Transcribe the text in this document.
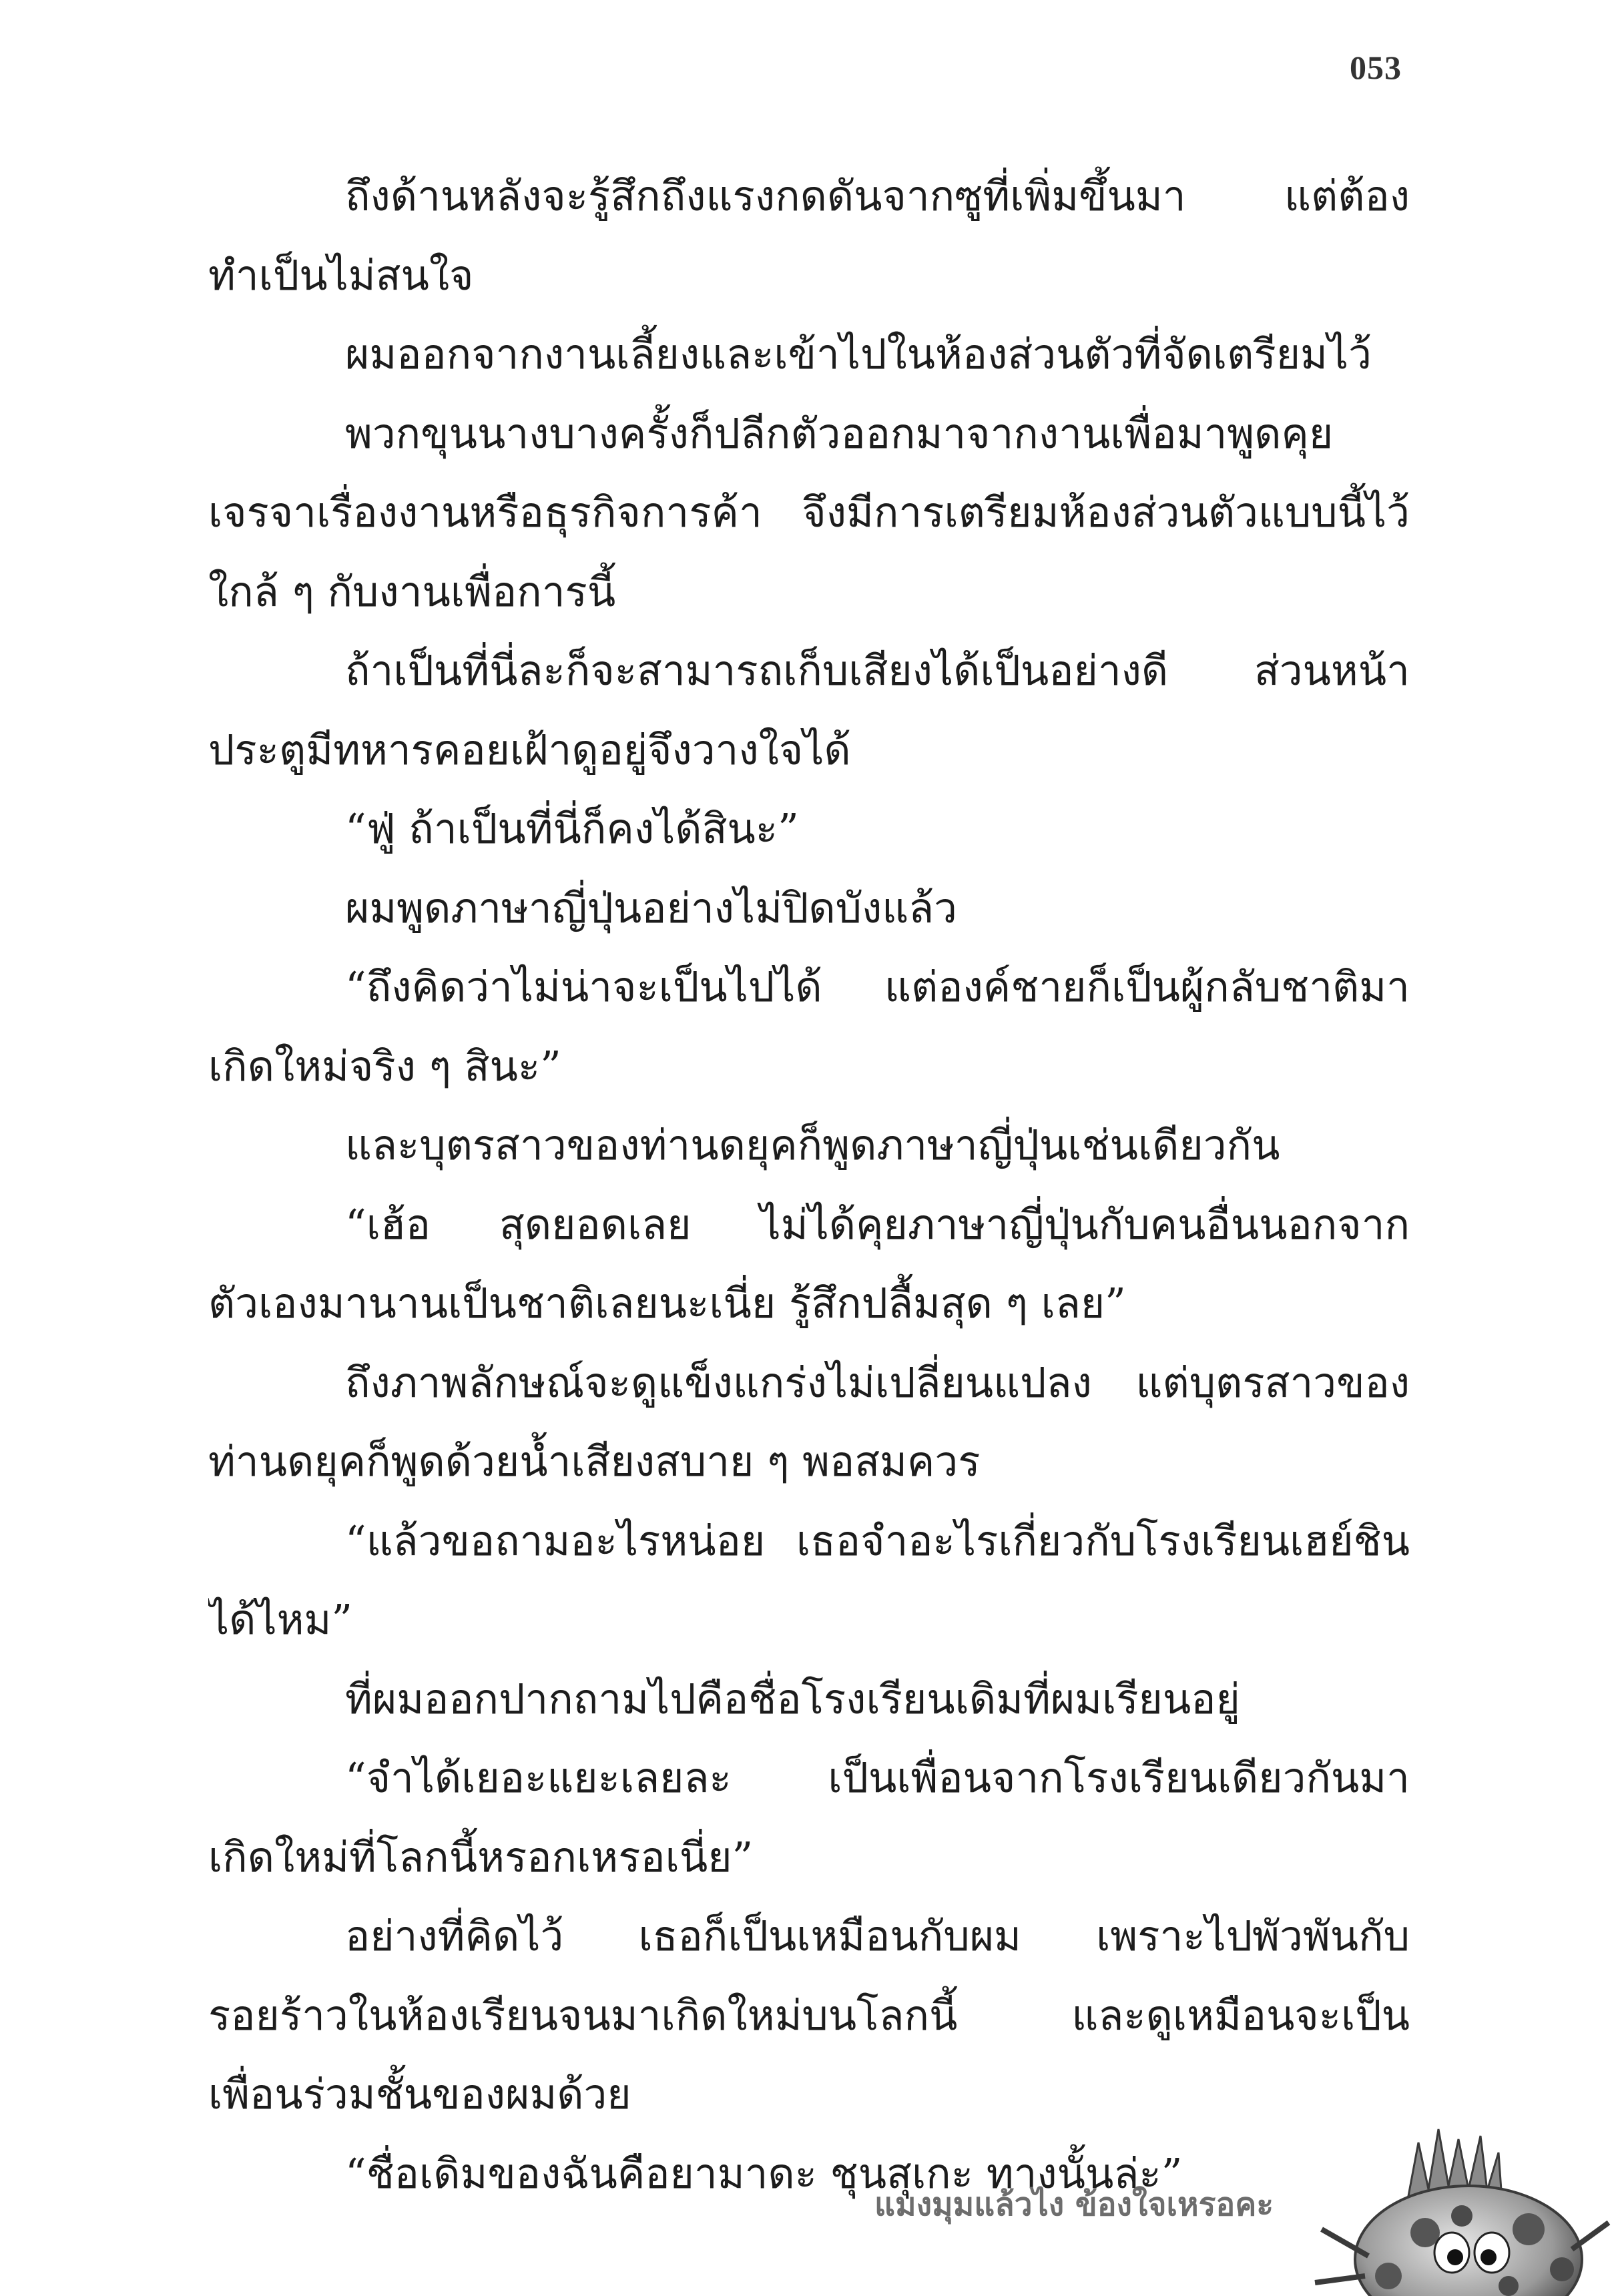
053
ถึงด้านหลังจะรู้สึกถึงแรงกดดันจากซูที่เพิ่มขึ้นมา แต่ต้อง
ทำเป็นไม่สนใจ
ผมออกจากงานเลี้ยงและเข้าไปในห้องส่วนตัวที่จัดเตรียมไว้
พวกขุนนางบางครั้งก็ปลีกตัวออกมาจากงานเพื่อมาพูดคุย
เจรจาเรื่องงานหรือธุรกิจการค้า จึงมีการเตรียมห้องส่วนตัวแบบนี้ไว้
ใกล้ ๆ กับงานเพื่อการนี้
ถ้าเป็นที่นี่ละก็จะสามารถเก็บเสียงได้เป็นอย่างดี ส่วนหน้า
ประตูมีทหารคอยเฝ้าดูอยู่จึงวางใจได้
“ฟู่ ถ้าเป็นที่นี่ก็คงได้สินะ”
ผมพูดภาษาญี่ปุ่นอย่างไม่ปิดบังแล้ว
“ถึงคิดว่าไม่น่าจะเป็นไปได้ แต่องค์ชายก็เป็นผู้กลับชาติมา
เกิดใหม่จริง ๆ สินะ”
และบุตรสาวของท่านดยุคก็พูดภาษาญี่ปุ่นเช่นเดียวกัน
“เฮ้อ สุดยอดเลย ไม่ได้คุยภาษาญี่ปุ่นกับคนอื่นนอกจาก
ตัวเองมานานเป็นชาติเลยนะเนี่ย รู้สึกปลื้มสุด ๆ เลย”
ถึงภาพลักษณ์จะดูแข็งแกร่งไม่เปลี่ยนแปลง แต่บุตรสาวของ
ท่านดยุคก็พูดด้วยน้ำเสียงสบาย ๆ พอสมควร
“แล้วขอถามอะไรหน่อย เธอจำอะไรเกี่ยวกับโรงเรียนเฮย์ชิน
ได้ไหม”
ที่ผมออกปากถามไปคือชื่อโรงเรียนเดิมที่ผมเรียนอยู่
“จำได้เยอะแยะเลยละ เป็นเพื่อนจากโรงเรียนเดียวกันมา
เกิดใหม่ที่โลกนี้หรอกเหรอเนี่ย”
อย่างที่คิดไว้ เธอก็เป็นเหมือนกับผม เพราะไปพัวพันกับ
รอยร้าวในห้องเรียนจนมาเกิดใหม่บนโลกนี้ และดูเหมือนจะเป็น
เพื่อนร่วมชั้นของผมด้วย
“ชื่อเดิมของฉันคือยามาดะ ชุนสุเกะ ทางนั้นล่ะ”
แมงมุมแล้วไง ข้องใจเหรอคะ
